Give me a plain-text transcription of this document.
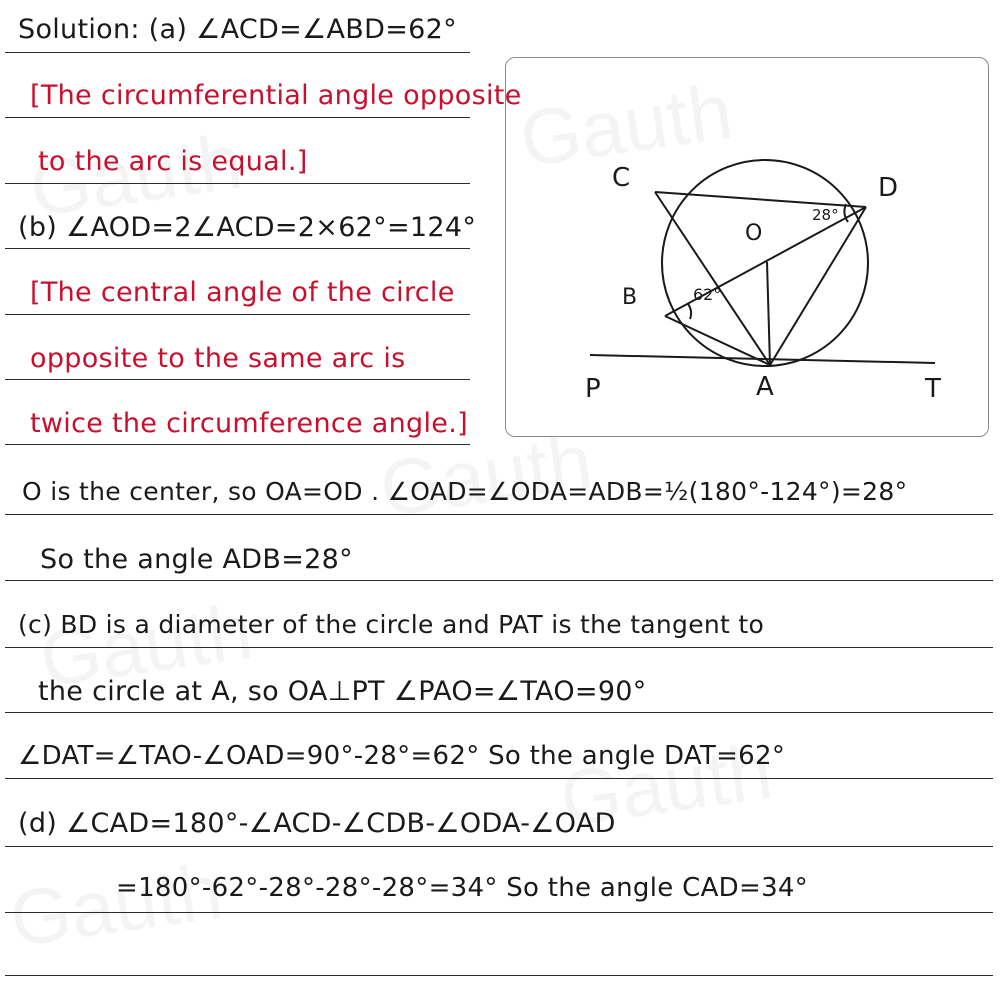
Solution: (a) ∠ACD=∠ABD=62°
[The circumferential angle opposite
to the arc is equal.]
(b) ∠AOD=2∠ACD=2×62°=124°
[The central angle of the circle
opposite to the same arc is
twice the circumference angle.]
O is the center, so OA=OD . ∠OAD=∠ODA=ADB=½(180°-124°)=28°
So the angle ADB=28°
(c) BD is a diameter of the circle and PAT is the tangent to
the circle at A, so OA⊥PT ∠PAO=∠TAO=90°
∠DAT=∠TAO-∠OAD=90°-28°=62° So the angle DAT=62°
(d) ∠CAD=180°-∠ACD-∠CDB-∠ODA-∠OAD
=180°-62°-28°-28°-28°=34° So the angle CAD=34°
C	D
O
B
P	A	T
28°
62°
